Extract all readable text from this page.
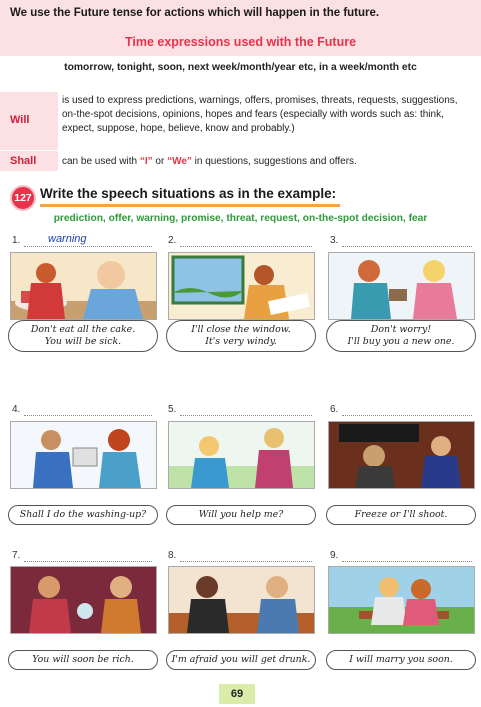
We use the Future tense for actions which will happen in the future.
Time expressions used with the Future
tomorrow, tonight, soon, next week/month/year etc, in a week/month etc
Will
is used to express predictions, warnings, offers, promises, threats, requests, suggestions, on-the-spot decisions, opinions, hopes and fears (especially with words such as: think, expect, suppose, hope, believe, know and probably.)
Shall	can be used with “I” or “We” in questions, suggestions and offers.
127 Write the speech situations as in the example:
prediction, offer, warning, promise, threat, request, on-the-spot decision, fear
1.	warning	2.	3.
Don't eat all the cake.
You will be sick.
I'll close the window.
It's very windy.
Don't worry!
I'll buy you a new one.
4.	5.	6.
Shall I do the washing-up?	Will you help me?	Freeze or I'll shoot.
7.	8.	9.
You will soon be rich.	I'm afraid you will get drunk.	I will marry you soon.
69
